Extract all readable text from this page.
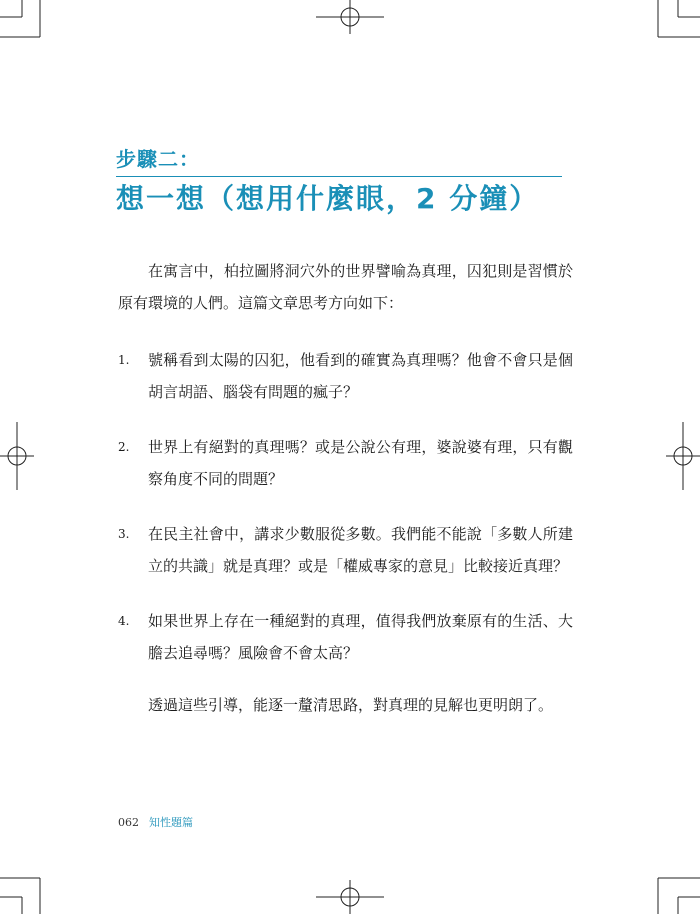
步驟二：
想一想（想用什麼眼，2 分鐘）

在寓言中，柏拉圖將洞穴外的世界譬喻為真理，囚犯則是習慣於原有環境的人們。這篇文章思考方向如下：

1. 號稱看到太陽的囚犯，他看到的確實為真理嗎？他會不會只是個胡言胡語、腦袋有問題的瘋子？
2. 世界上有絕對的真理嗎？或是公說公有理，婆說婆有理，只有觀察角度不同的問題？
3. 在民主社會中，講求少數服從多數。我們能不能說「多數人所建立的共識」就是真理？或是「權威專家的意見」比較接近真理？
4. 如果世界上存在一種絕對的真理，值得我們放棄原有的生活、大膽去追尋嗎？風險會不會太高？

透過這些引導，能逐一釐清思路，對真理的見解也更明朗了。

062 知性題篇
